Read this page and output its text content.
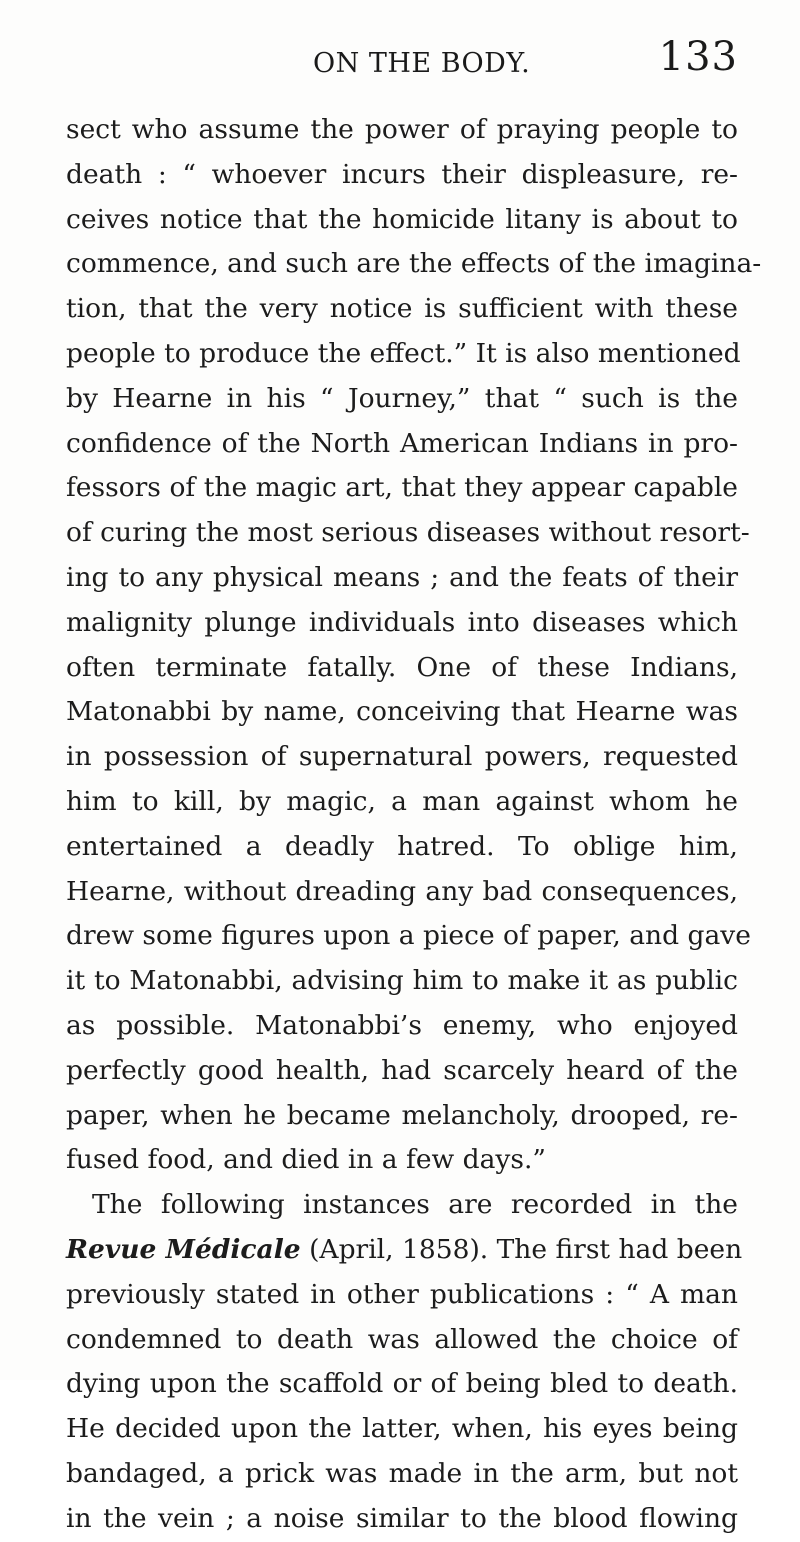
ON THE BODY.	133
sect who assume the power of praying people to
death : “ whoever incurs their displeasure, re-
ceives notice that the homicide litany is about to
commence, and such are the effects of the imagina-
tion, that the very notice is sufficient with these
people to produce the effect.” It is also mentioned
by Hearne in his “ Journey,” that “ such is the
confidence of the North American Indians in pro-
fessors of the magic art, that they appear capable
of curing the most serious diseases without resort-
ing to any physical means ; and the feats of their
malignity plunge individuals into diseases which
often terminate fatally. One of these Indians,
Matonabbi by name, conceiving that Hearne was
in possession of supernatural powers, requested
him to kill, by magic, a man against whom he
entertained a deadly hatred. To oblige him,
Hearne, without dreading any bad consequences,
drew some figures upon a piece of paper, and gave
it to Matonabbi, advising him to make it as public
as possible. Matonabbi’s enemy, who enjoyed
perfectly good health, had scarcely heard of the
paper, when he became melancholy, drooped, re-
fused food, and died in a few days.”
The following instances are recorded in the
Revue Médicale (April, 1858). The first had been
previously stated in other publications : “ A man
condemned to death was allowed the choice of
dying upon the scaffold or of being bled to death.
He decided upon the latter, when, his eyes being
bandaged, a prick was made in the arm, but not
in the vein ; a noise similar to the blood flowing
